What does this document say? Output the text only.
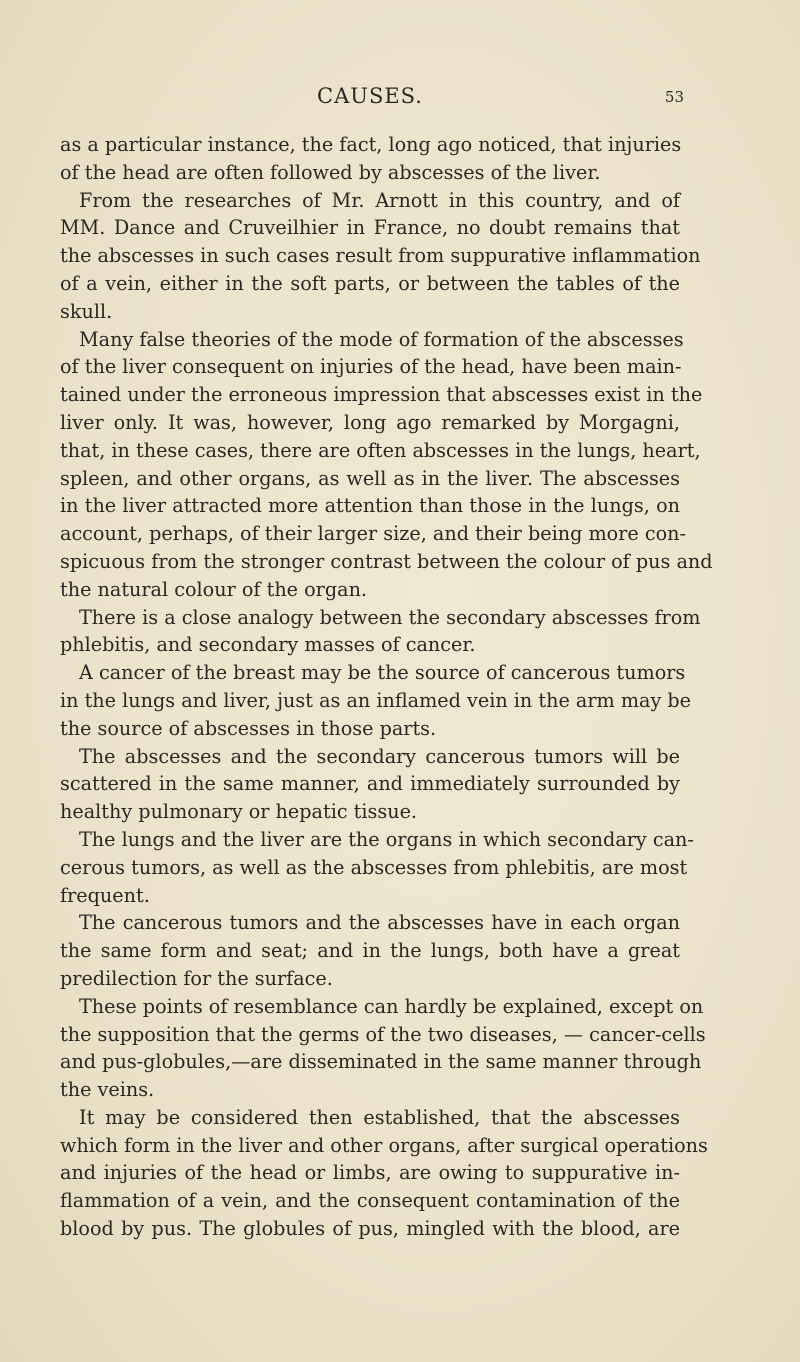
CAUSES.	53
as a particular instance, the fact, long ago noticed, that injuries
of the head are often followed by abscesses of the liver.
From the researches of Mr. Arnott in this country, and of
MM. Dance and Cruveilhier in France, no doubt remains that
the abscesses in such cases result from suppurative inflammation
of a vein, either in the soft parts, or between the tables of the
skull.
Many false theories of the mode of formation of the abscesses
of the liver consequent on injuries of the head, have been main-
tained under the erroneous impression that abscesses exist in the
liver only. It was, however, long ago remarked by Morgagni,
that, in these cases, there are often abscesses in the lungs, heart,
spleen, and other organs, as well as in the liver. The abscesses
in the liver attracted more attention than those in the lungs, on
account, perhaps, of their larger size, and their being more con-
spicuous from the stronger contrast between the colour of pus and
the natural colour of the organ.
There is a close analogy between the secondary abscesses from
phlebitis, and secondary masses of cancer.
A cancer of the breast may be the source of cancerous tumors
in the lungs and liver, just as an inflamed vein in the arm may be
the source of abscesses in those parts.
The abscesses and the secondary cancerous tumors will be
scattered in the same manner, and immediately surrounded by
healthy pulmonary or hepatic tissue.
The lungs and the liver are the organs in which secondary can-
cerous tumors, as well as the abscesses from phlebitis, are most
frequent.
The cancerous tumors and the abscesses have in each organ
the same form and seat; and in the lungs, both have a great
predilection for the surface.
These points of resemblance can hardly be explained, except on
the supposition that the germs of the two diseases, — cancer-cells
and pus-globules,—are disseminated in the same manner through
the veins.
It may be considered then established, that the abscesses
which form in the liver and other organs, after surgical operations
and injuries of the head or limbs, are owing to suppurative in-
flammation of a vein, and the consequent contamination of the
blood by pus. The globules of pus, mingled with the blood, are
